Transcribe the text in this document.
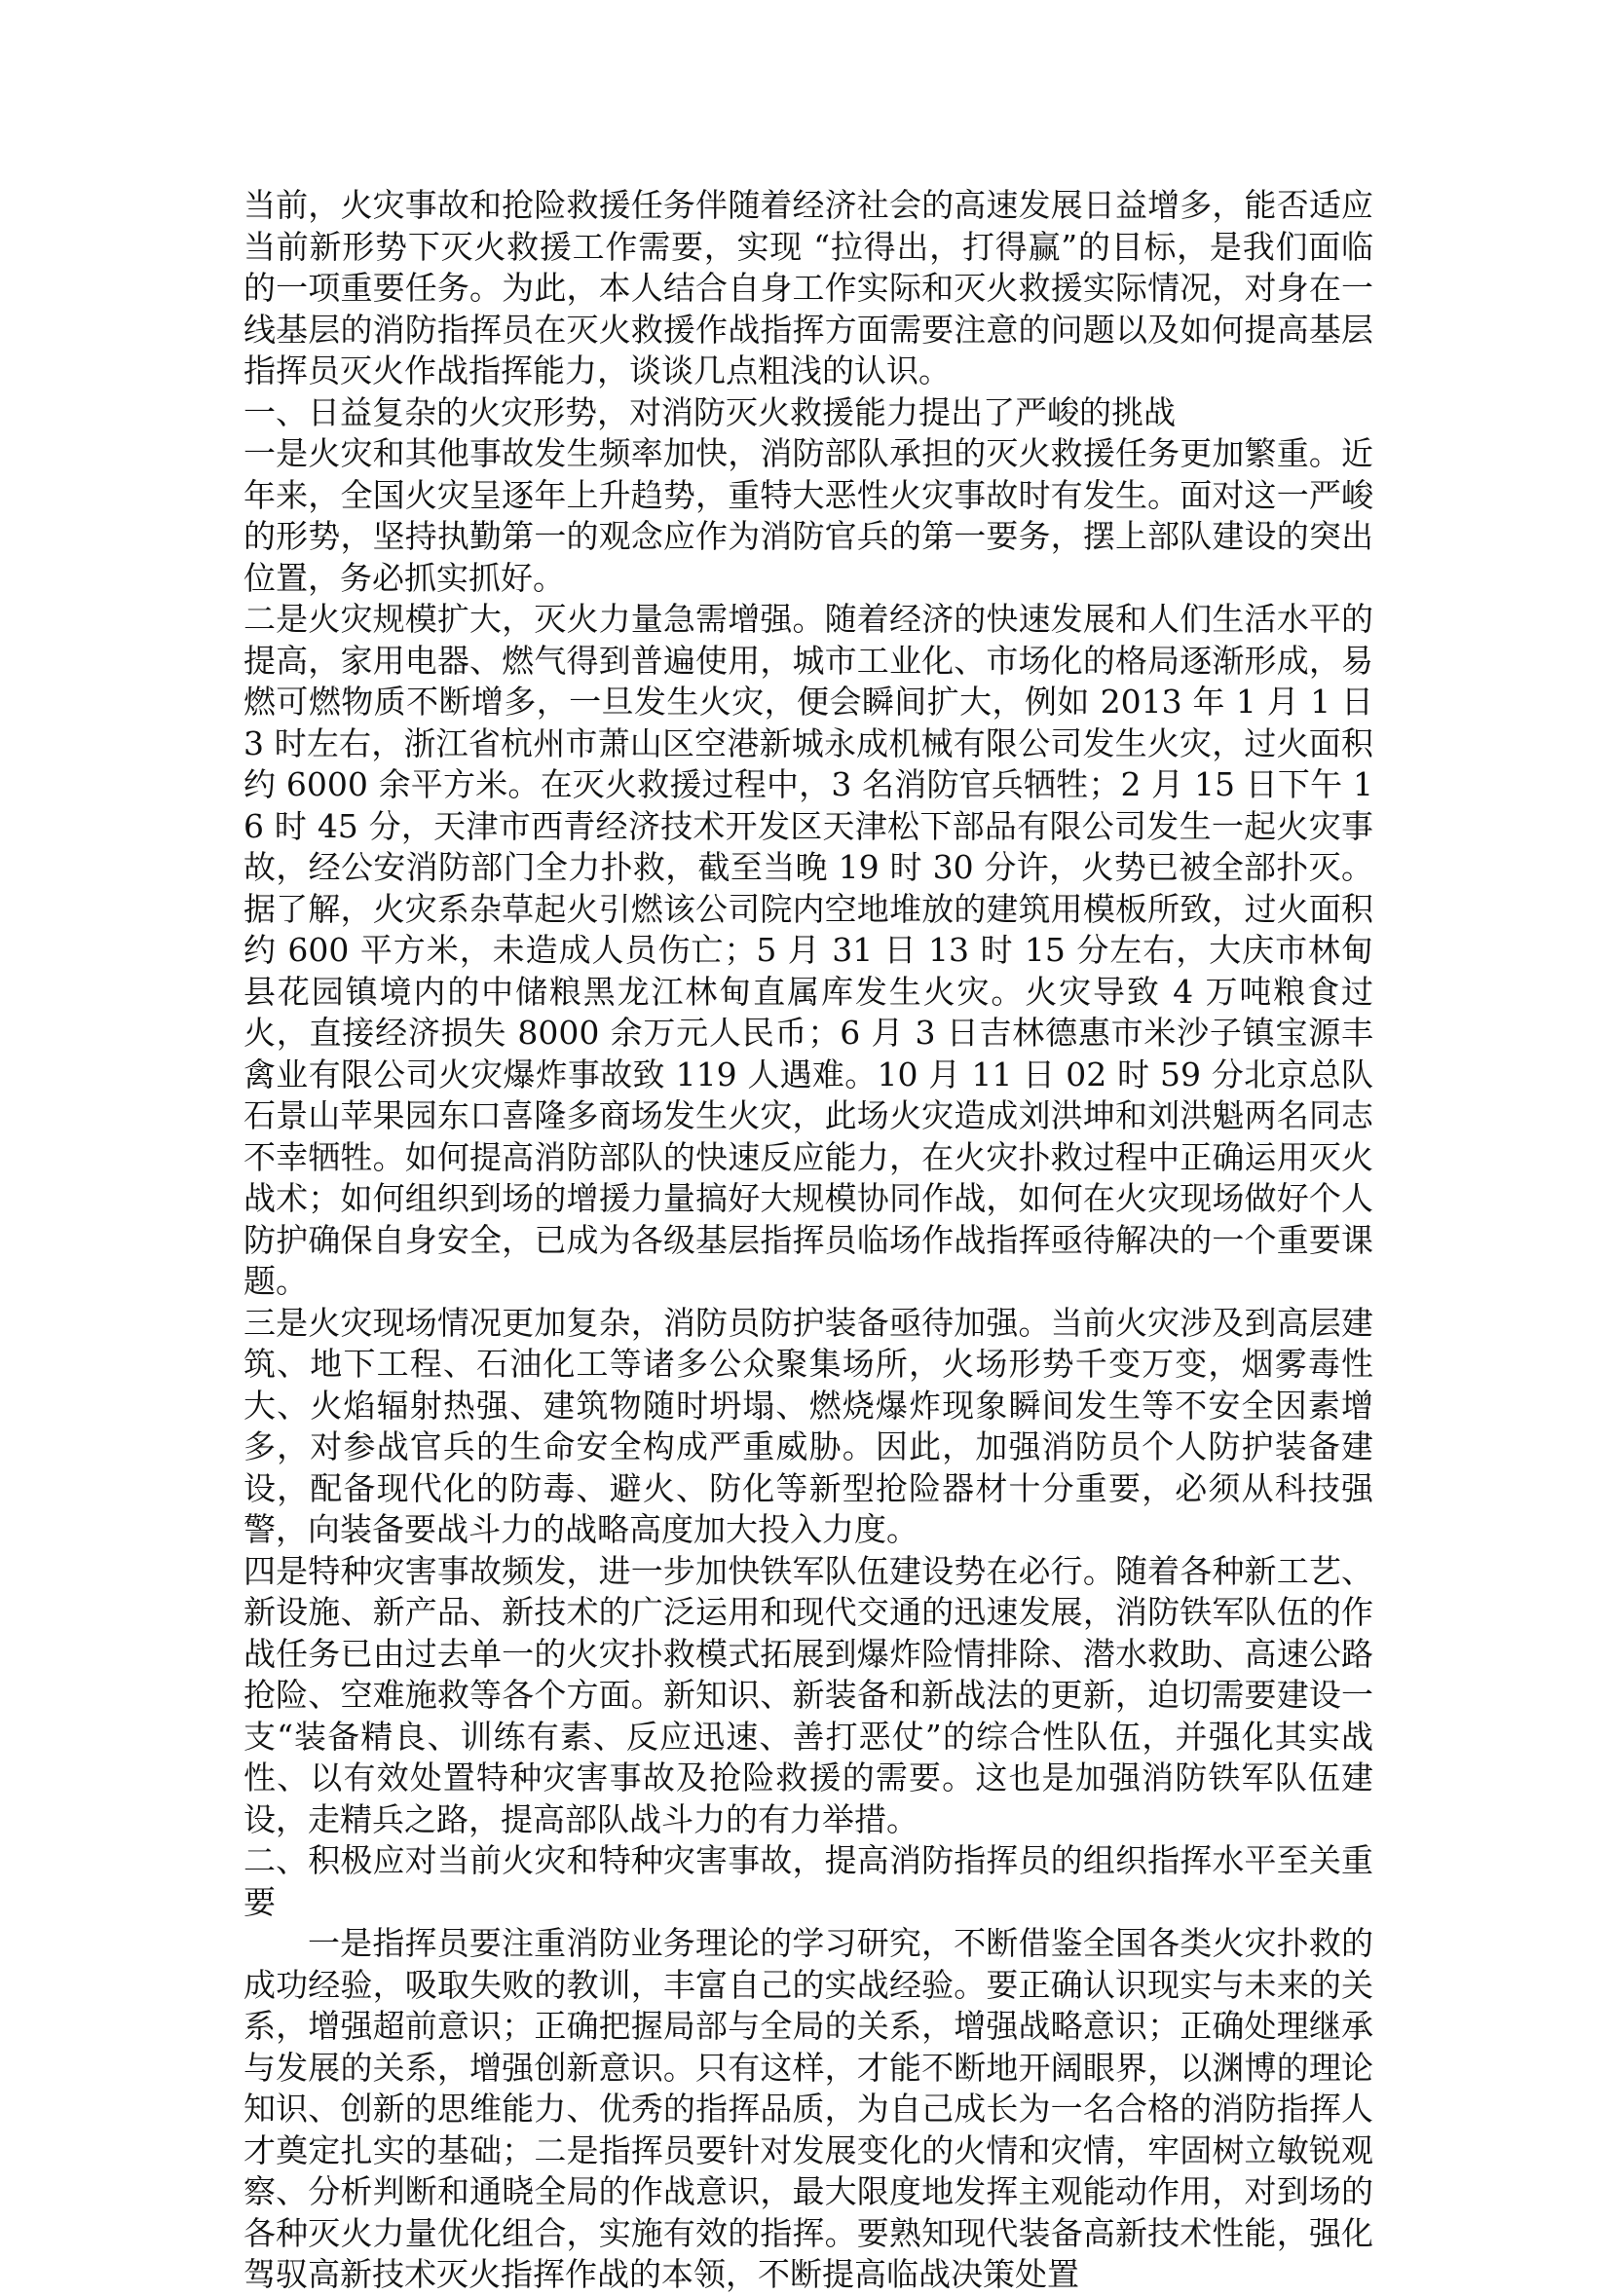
当前，火灾事故和抢险救援任务伴随着经济社会的高速发展日益增多，能否适应当前新形势下灭火救援工作需要，实现 “拉得出，打得赢”的目标，是我们面临的一项重要任务。为此，本人结合自身工作实际和灭火救援实际情况，对身在一线基层的消防指挥员在灭火救援作战指挥方面需要注意的问题以及如何提高基层指挥员灭火作战指挥能力，谈谈几点粗浅的认识。

一、日益复杂的火灾形势，对消防灭火救援能力提出了严峻的挑战

一是火灾和其他事故发生频率加快，消防部队承担的灭火救援任务更加繁重。近年来，全国火灾呈逐年上升趋势，重特大恶性火灾事故时有发生。面对这一严峻的形势，坚持执勤第一的观念应作为消防官兵的第一要务，摆上部队建设的突出位置，务必抓实抓好。

二是火灾规模扩大，灭火力量急需增强。随着经济的快速发展和人们生活水平的提高，家用电器、燃气得到普遍使用，城市工业化、市场化的格局逐渐形成，易燃可燃物质不断增多，一旦发生火灾，便会瞬间扩大，例如 2013 年 1 月 1 日 3 时左右，浙江省杭州市萧山区空港新城永成机械有限公司发生火灾，过火面积约 6000 余平方米。在灭火救援过程中，3 名消防官兵牺牲；2 月 15 日下午 16 时 45 分，天津市西青经济技术开发区天津松下部品有限公司发生一起火灾事故，经公安消防部门全力扑救，截至当晚 19 时 30 分许，火势已被全部扑灭。据了解，火灾系杂草起火引燃该公司院内空地堆放的建筑用模板所致，过火面积约 600 平方米，未造成人员伤亡；5 月 31 日 13 时 15 分左右，大庆市林甸县花园镇境内的中储粮黑龙江林甸直属库发生火灾。火灾导致 4 万吨粮食过火，直接经济损失 8000 余万元人民币；6 月 3 日吉林德惠市米沙子镇宝源丰禽业有限公司火灾爆炸事故致 119 人遇难。10 月 11 日 02 时 59 分北京总队石景山苹果园东口喜隆多商场发生火灾，此场火灾造成刘洪坤和刘洪魁两名同志不幸牺牲。如何提高消防部队的快速反应能力，在火灾扑救过程中正确运用灭火战术；如何组织到场的增援力量搞好大规模协同作战，如何在火灾现场做好个人防护确保自身安全，已成为各级基层指挥员临场作战指挥亟待解决的一个重要课题。

三是火灾现场情况更加复杂，消防员防护装备亟待加强。当前火灾涉及到高层建筑、地下工程、石油化工等诸多公众聚集场所，火场形势千变万变，烟雾毒性大、火焰辐射热强、建筑物随时坍塌、燃烧爆炸现象瞬间发生等不安全因素增多，对参战官兵的生命安全构成严重威胁。因此，加强消防员个人防护装备建设，配备现代化的防毒、避火、防化等新型抢险器材十分重要，必须从科技强警，向装备要战斗力的战略高度加大投入力度。

四是特种灾害事故频发，进一步加快铁军队伍建设势在必行。随着各种新工艺、新设施、新产品、新技术的广泛运用和现代交通的迅速发展，消防铁军队伍的作战任务已由过去单一的火灾扑救模式拓展到爆炸险情排除、潜水救助、高速公路抢险、空难施救等各个方面。新知识、新装备和新战法的更新，迫切需要建设一支“装备精良、训练有素、反应迅速、善打恶仗”的综合性队伍，并强化其实战性、以有效处置特种灾害事故及抢险救援的需要。这也是加强消防铁军队伍建设，走精兵之路，提高部队战斗力的有力举措。

二、积极应对当前火灾和特种灾害事故，提高消防指挥员的组织指挥水平至关重要

一是指挥员要注重消防业务理论的学习研究，不断借鉴全国各类火灾扑救的成功经验，吸取失败的教训，丰富自己的实战经验。要正确认识现实与未来的关系，增强超前意识；正确把握局部与全局的关系，增强战略意识；正确处理继承与发展的关系，增强创新意识。只有这样，才能不断地开阔眼界，以渊博的理论知识、创新的思维能力、优秀的指挥品质，为自己成长为一名合格的消防指挥人才奠定扎实的基础；二是指挥员要针对发展变化的火情和灾情，牢固树立敏锐观察、分析判断和通晓全局的作战意识，最大限度地发挥主观能动作用，对到场的各种灭火力量优化组合，实施有效的指挥。要熟知现代装备高新技术性能，强化驾驭高新技术灭火指挥作战的本领，不断提高临战决策处置
